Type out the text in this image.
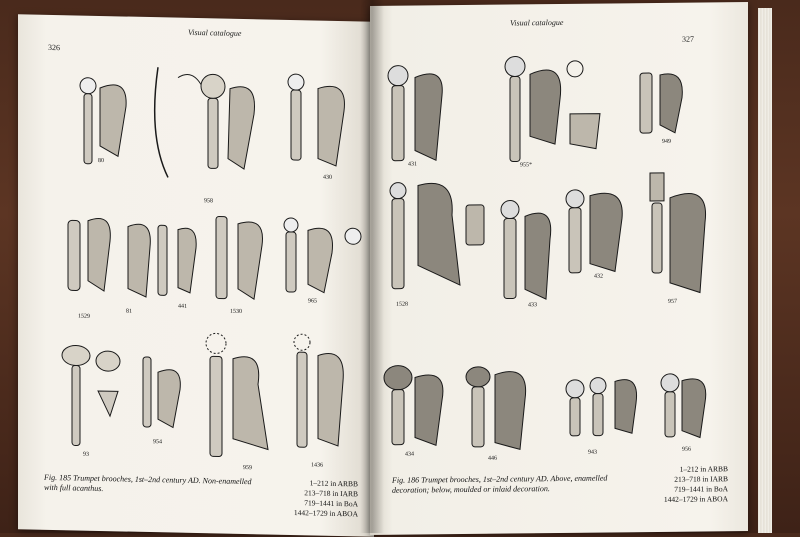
Visual catalogue
326
80
958
430
1529
81
441
1530
965
93
954
959	1436
Fig. 185 Trumpet brooches, 1st–2nd century AD. Non-enamelled with full acanthus.	1–212 in ARBB
213–718 in IARB
719–1441 in BoA
1442–1729 in ABOA
Visual catalogue
327
431	955*
949
1528	433
432
957
434
446
943	956
Fig. 186 Trumpet brooches, 1st–2nd century AD. Above, enamelled decoration; below, moulded or inlaid decoration.
1–212 in ARBB
213–718 in IARB
719–1441 in BoA
1442–1729 in ABOA
